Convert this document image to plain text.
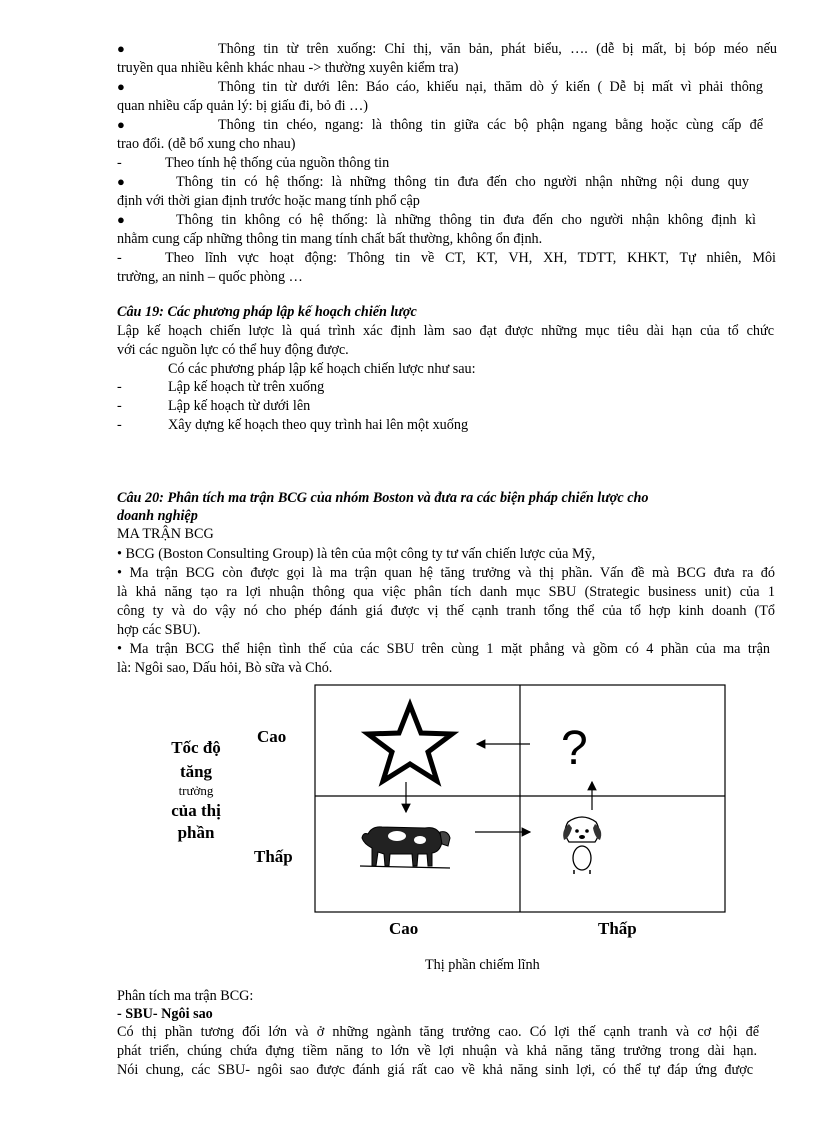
●	Thông tin từ trên xuống: Chỉ thị, văn bản, phát biểu, …. (dễ bị mất, bị bóp méo nếu
truyền qua nhiều kênh khác nhau -> thường xuyên kiểm tra)
●	Thông tin từ dưới lên: Báo cáo, khiếu nại, thăm dò ý kiến ( Dễ bị mất vì phải thông
quan nhiều cấp quản lý: bị giấu đi, bỏ đi …)
●	Thông tin chéo, ngang: là thông tin giữa các bộ phận ngang bằng hoặc cùng cấp để
trao đổi. (dễ bổ xung cho nhau)
-	Theo tính hệ thống của nguồn thông tin
●	Thông tin có hệ thống: là những thông tin đưa đến cho người nhận những nội dung quy
định với thời gian định trước hoặc mang tính phổ cập
●	Thông tin không có hệ thống: là những thông tin đưa đến cho người nhận không định kì
nhằm cung cấp những thông tin mang tính chất bất thường, không ổn định.
-	Theo lĩnh vực hoạt động: Thông tin về CT, KT, VH, XH, TDTT, KHKT, Tự nhiên, Môi
trường, an ninh – quốc phòng …
Câu 19: Các phương pháp lập kế hoạch chiến lược
Lập kế hoạch chiến lược là quá trình xác định làm sao đạt được những mục tiêu dài hạn của tổ chức
với các nguồn lực có thể huy động được.
Có các phương pháp lập kế hoạch chiến lược như sau:
-	Lập kế hoạch từ trên xuống
-	Lập kế hoạch từ dưới lên
-	Xây dựng kế hoạch theo quy trình hai lên một xuống
Câu 20: Phân tích ma trận BCG của nhóm Boston và đưa ra các biện pháp chiến lược cho
doanh nghiệp
MA TRẬN BCG
• BCG (Boston Consulting Group) là tên của một công ty tư vấn chiến lược của Mỹ,
• Ma trận BCG còn được gọi là ma trận quan hệ tăng trưởng và thị phần. Vấn đề mà BCG đưa ra đó
là khả năng tạo ra lợi nhuận thông qua việc phân tích danh mục SBU (Strategic business unit) của 1
công ty và do vậy nó cho phép đánh giá được vị thế cạnh tranh tổng thể của tổ hợp kinh doanh (Tổ
hợp các SBU).
• Ma trận BCG thể hiện tình thế của các SBU trên cùng 1 mặt phẳng và gồm có 4 phần của ma trận
là: Ngôi sao, Dấu hỏi, Bò sữa và Chó.
?
Tốc độ
tăng
trưởng
của thị
phần
Cao
Thấp
Cao	Thấp
Thị phần chiếm lĩnh
Phân tích ma trận BCG:
- SBU- Ngôi sao
Có thị phần tương đối lớn và ở những ngành tăng trưởng cao. Có lợi thế cạnh tranh và cơ hội để
phát triển, chúng chứa đựng tiềm năng to lớn về lợi nhuận và khả năng tăng trưởng trong dài hạn.
Nói chung, các SBU- ngôi sao được đánh giá rất cao về khả năng sinh lợi, có thể tự đáp ứng được
